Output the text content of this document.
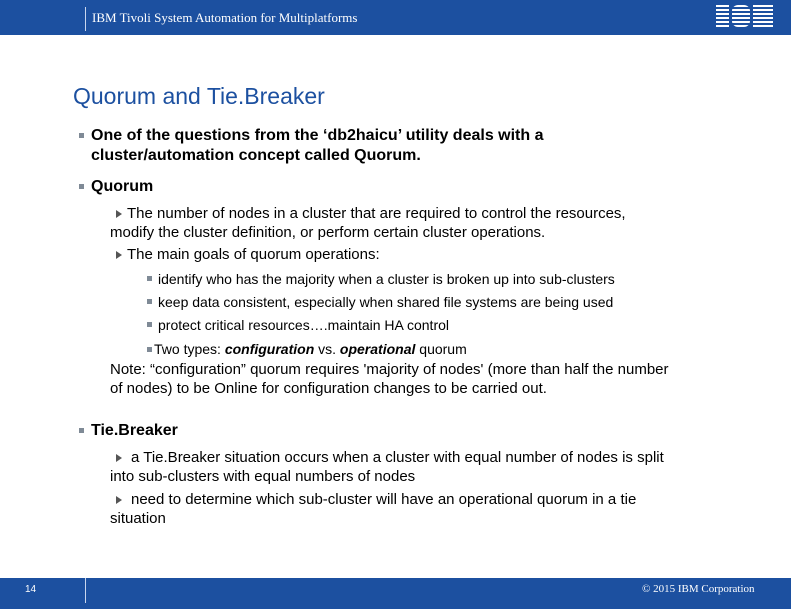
IBM Tivoli System Automation for Multiplatforms
Quorum and Tie.Breaker
One of the questions from the ‘db2haicu’ utility deals with a
cluster/automation concept called Quorum.
Quorum
The number of nodes in a cluster that are required to control the resources,
modify the cluster definition, or perform certain cluster operations.
The main goals of quorum operations:
identify who has the majority when a cluster is broken up into sub-clusters
keep data consistent, especially when shared file systems are being used
protect critical resources….maintain HA control
Two types: configuration vs. operational quorum
Note: “configuration” quorum requires 'majority of nodes' (more than half the number
of nodes) to be Online for configuration changes to be carried out.
Tie.Breaker
a Tie.Breaker situation occurs when a cluster with equal number of nodes is split
into sub-clusters with equal numbers of nodes
need to determine which sub-cluster will have an operational quorum in a tie
situation
14	© 2015 IBM Corporation
